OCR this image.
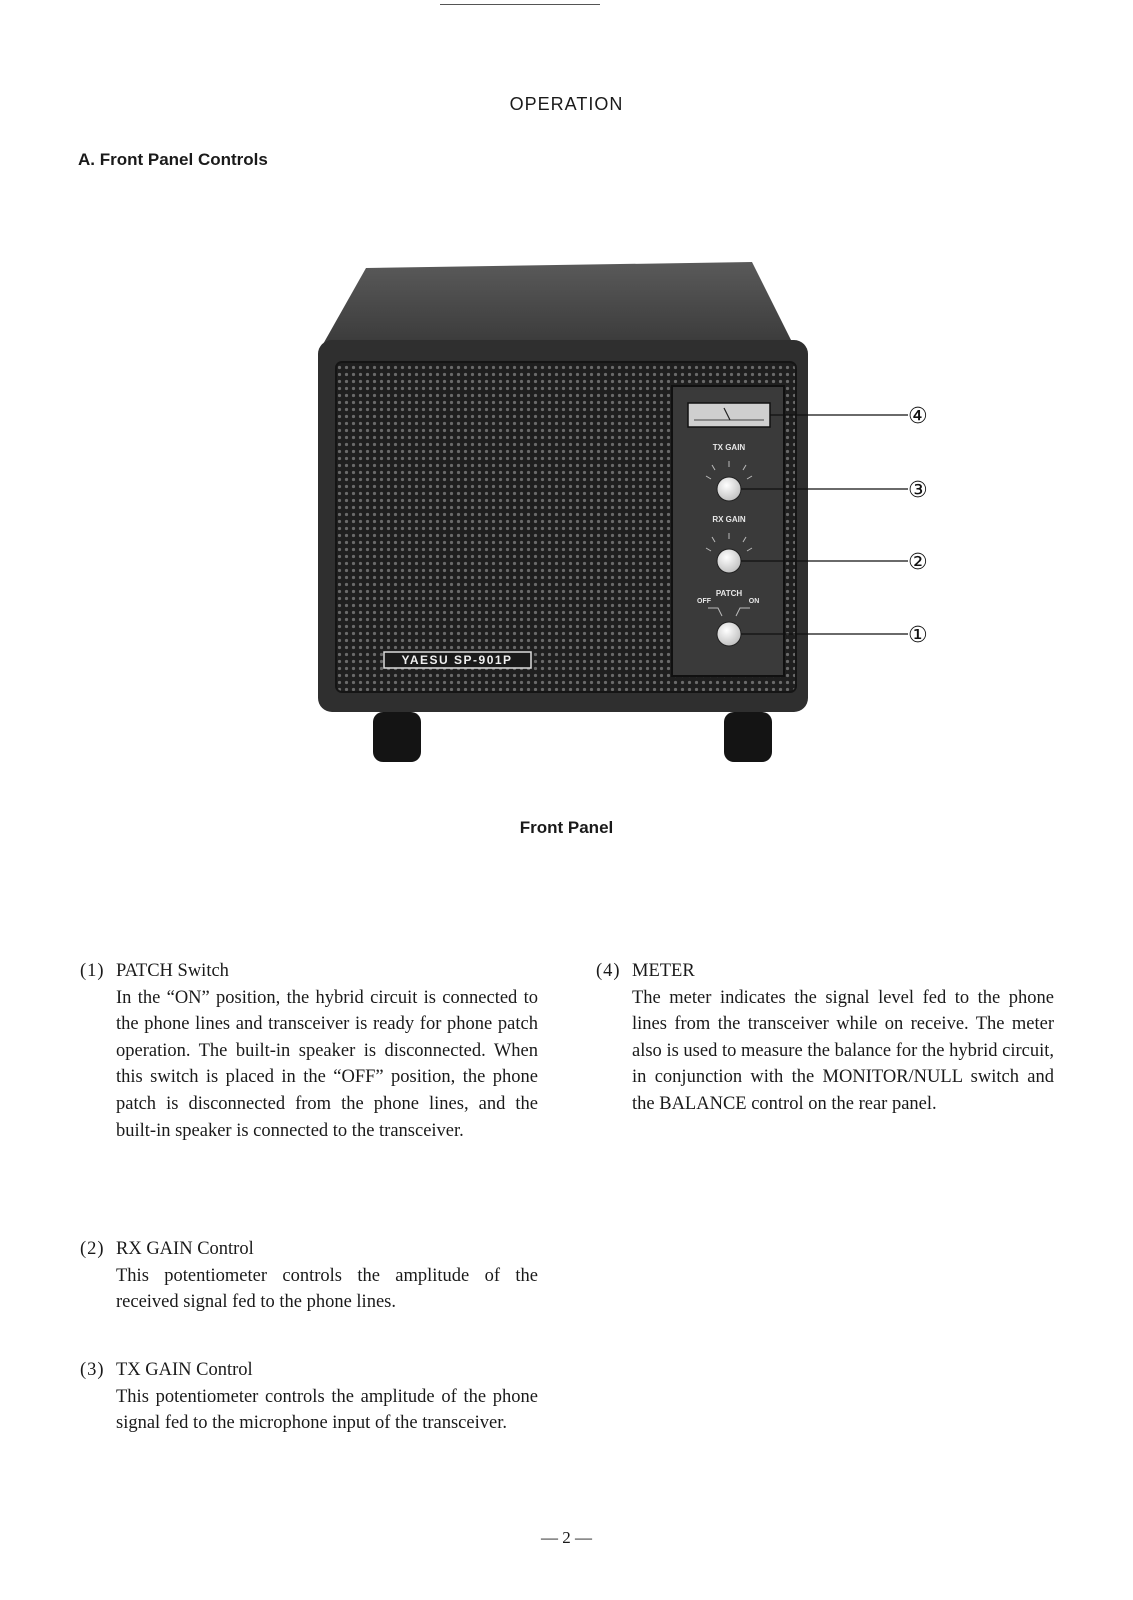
OPERATION
A. Front Panel Controls
TX GAIN
RX GAIN
PATCH
OFF	ON
YAESU SP-901P
④
③
②
①
Front Panel
(1) PATCH Switch
In the “ON” position, the hybrid circuit is connected to the phone lines and transceiver is ready for phone patch operation. The built-in speaker is disconnected. When this switch is placed in the “OFF” position, the phone patch is disconnected from the phone lines, and the built-in speaker is connected to the transceiver.
(2) RX GAIN Control
This potentiometer controls the amplitude of the received signal fed to the phone lines.
(3) TX GAIN Control
This potentiometer controls the amplitude of the phone signal fed to the microphone input of the transceiver.
(4) METER
The meter indicates the signal level fed to the phone lines from the transceiver while on receive. The meter also is used to measure the balance for the hybrid circuit, in conjunction with the MONITOR/NULL switch and the BALANCE control on the rear panel.
— 2 —
